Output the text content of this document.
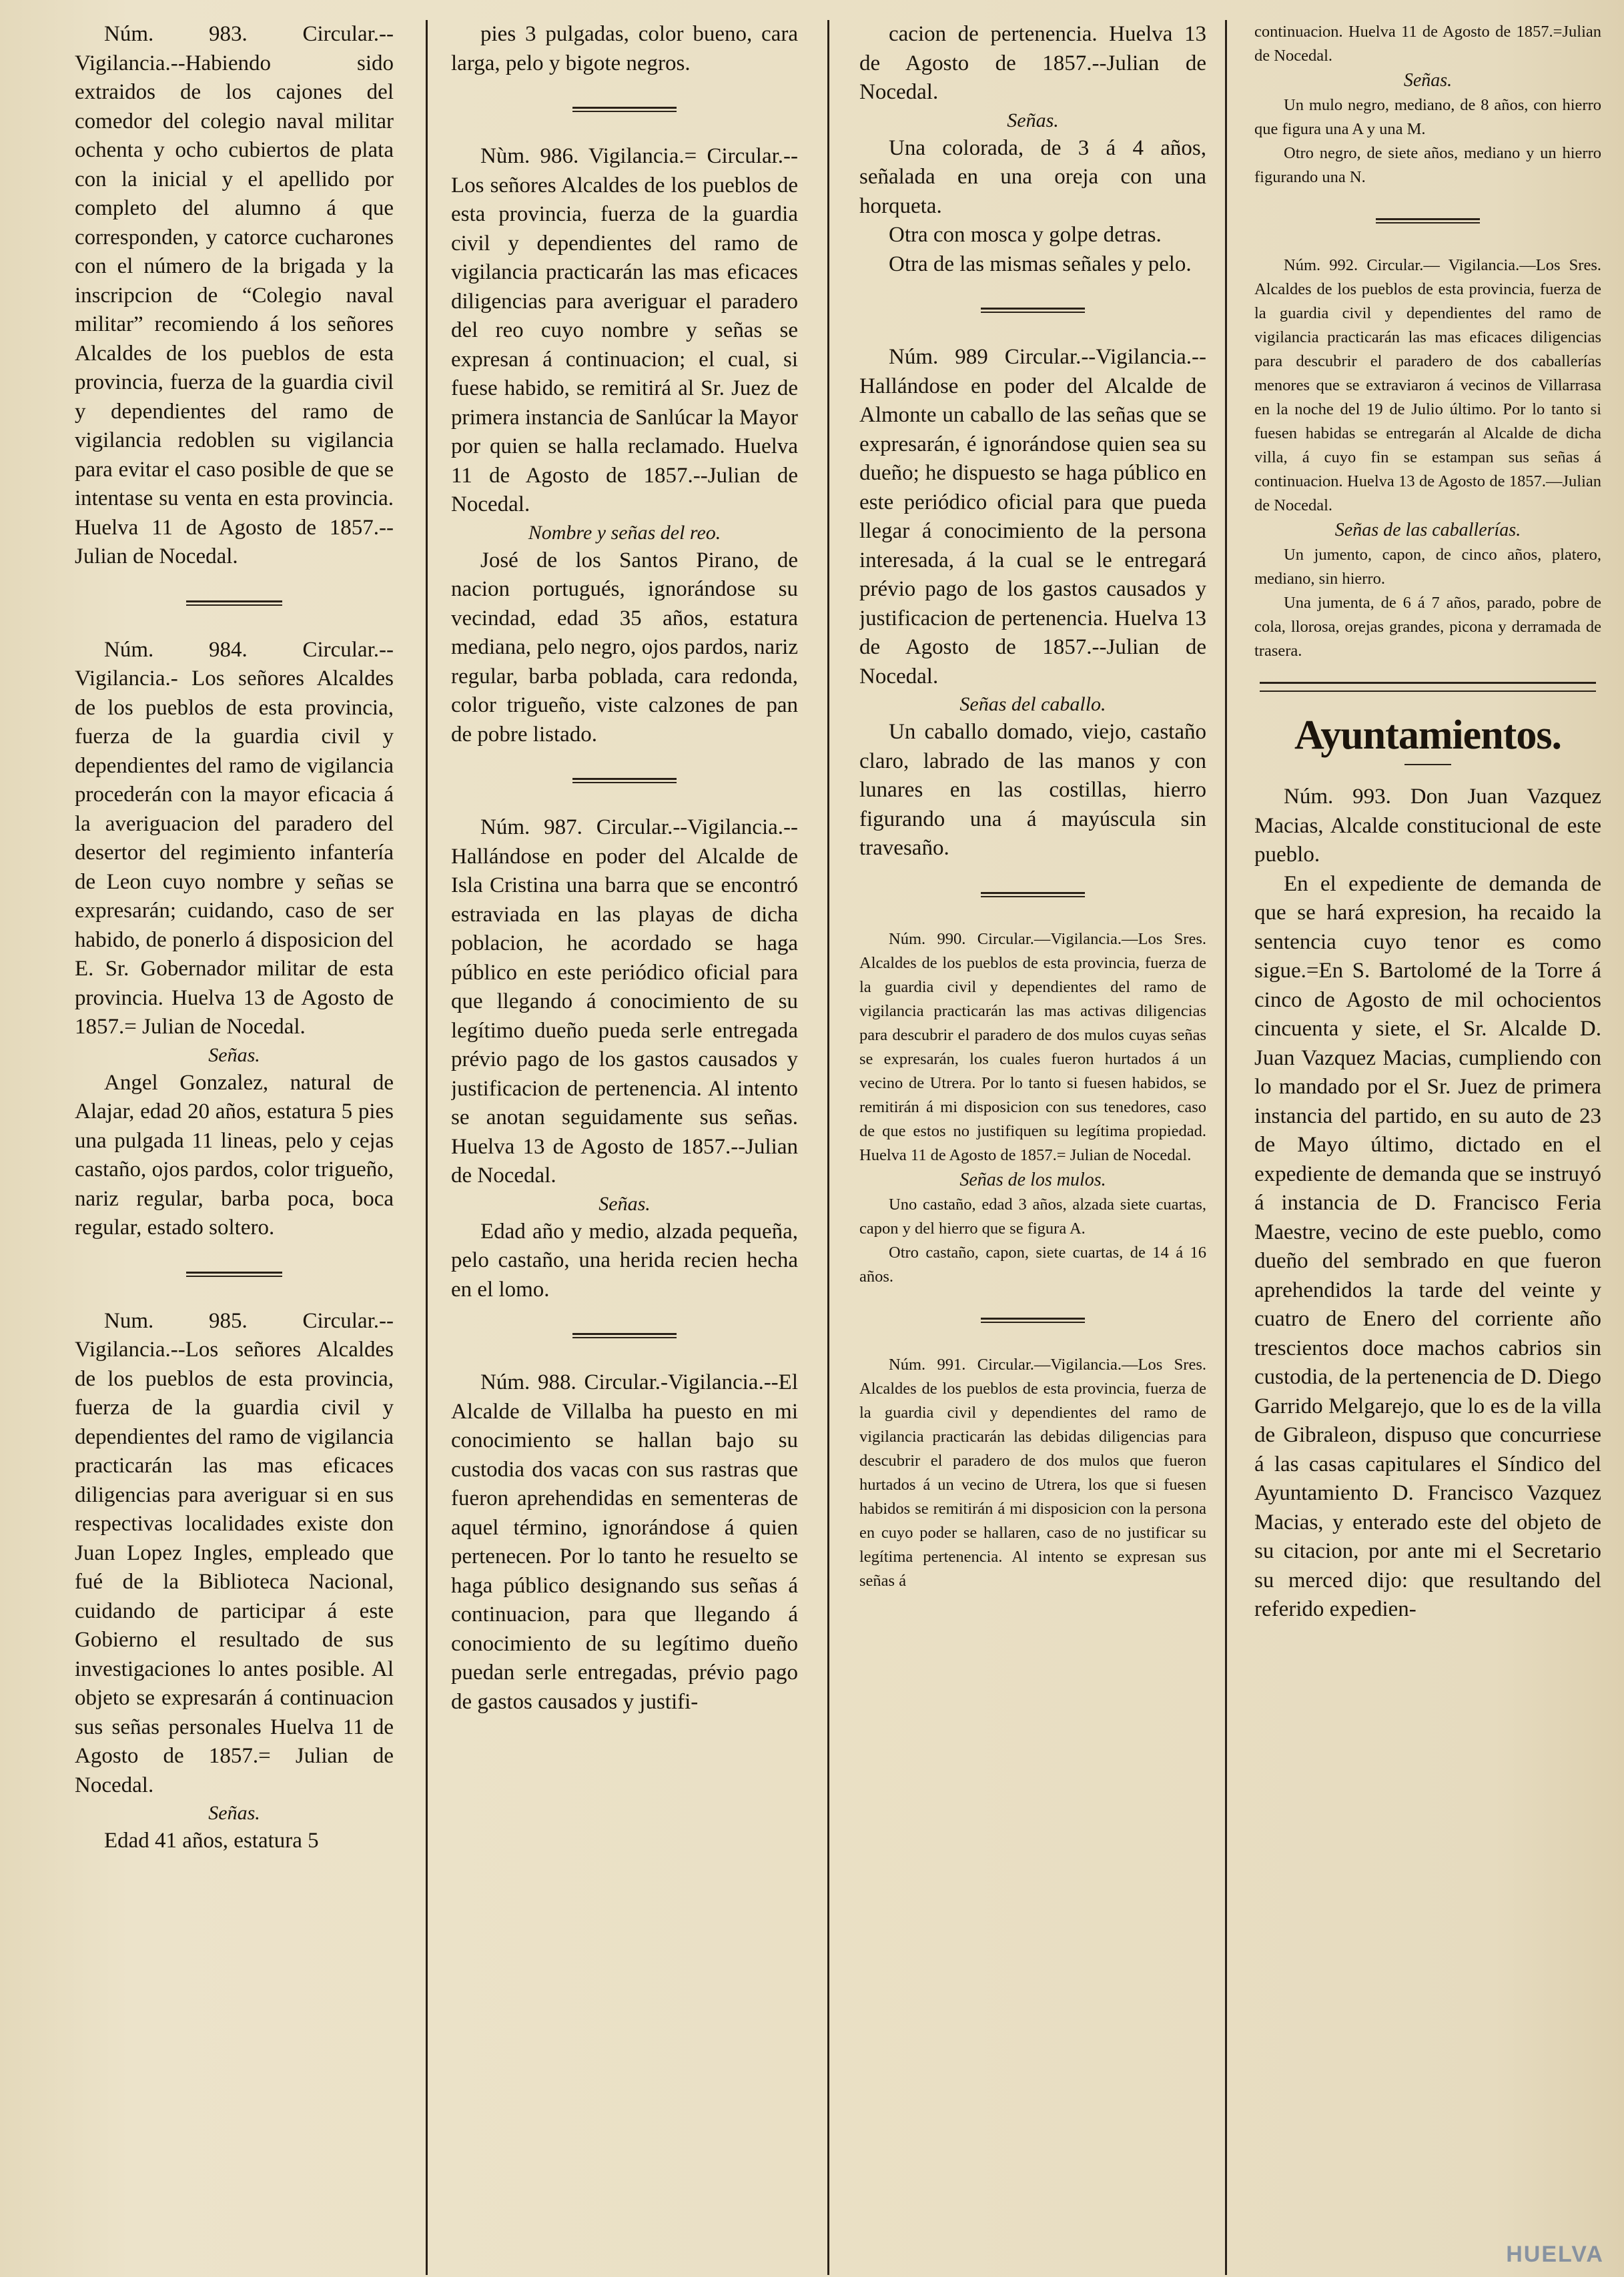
Núm. 983. Circular.--Vigilancia.--Habiendo sido extraidos de los cajones del comedor del colegio naval militar ochenta y ocho cubiertos de plata con la inicial y el apellido por completo del alumno á que corresponden, y catorce cucharones con el número de la brigada y la inscripcion de “Colegio naval militar” recomiendo á los señores Alcaldes de los pueblos de esta provincia, fuerza de la guardia civil y dependientes del ramo de vigilancia redoblen su vigilancia para evitar el caso posible de que se intentase su venta en esta provincia. Huelva 11 de Agosto de 1857.--Julian de Nocedal.

Núm. 984. Circular.--Vigilancia.- Los señores Alcaldes de los pueblos de esta provincia, fuerza de la guardia civil y dependientes del ramo de vigilancia procederán con la mayor eficacia á la averiguacion del paradero del desertor del regimiento infantería de Leon cuyo nombre y señas se expresarán; cuidando, caso de ser habido, de ponerlo á disposicion del E. Sr. Gobernador militar de esta provincia. Huelva 13 de Agosto de 1857.= Julian de Nocedal.

Señas.

Angel Gonzalez, natural de Alajar, edad 20 años, estatura 5 pies una pulgada 11 lineas, pelo y cejas castaño, ojos pardos, color trigueño, nariz regular, barba poca, boca regular, estado soltero.

Num. 985. Circular.--Vigilancia.--Los señores Alcaldes de los pueblos de esta provincia, fuerza de la guardia civil y dependientes del ramo de vigilancia practicarán las mas eficaces diligencias para averiguar si en sus respectivas localidades existe don Juan Lopez Ingles, empleado que fué de la Biblioteca Nacional, cuidando de participar á este Gobierno el resultado de sus investigaciones lo antes posible. Al objeto se expresarán á continuacion sus señas personales Huelva 11 de Agosto de 1857.= Julian de Nocedal.

Señas.

Edad 41 años, estatura 5

pies 3 pulgadas, color bueno, cara larga, pelo y bigote negros.

Nùm. 986. Vigilancia.= Circular.--Los señores Alcaldes de los pueblos de esta provincia, fuerza de la guardia civil y dependientes del ramo de vigilancia practicarán las mas eficaces diligencias para averiguar el paradero del reo cuyo nombre y señas se expresan á continuacion; el cual, si fuese habido, se remitirá al Sr. Juez de primera instancia de Sanlúcar la Mayor por quien se halla reclamado. Huelva 11 de Agosto de 1857.--Julian de Nocedal.

Nombre y señas del reo.

José de los Santos Pirano, de nacion portugués, ignorándose su vecindad, edad 35 años, estatura mediana, pelo negro, ojos pardos, nariz regular, barba poblada, cara redonda, color trigueño, viste calzones de pan de pobre listado.

Núm. 987. Circular.--Vigilancia.--Hallándose en poder del Alcalde de Isla Cristina una barra que se encontró estraviada en las playas de dicha poblacion, he acordado se haga público en este periódico oficial para que llegando á conocimiento de su legítimo dueño pueda serle entregada prévio pago de los gastos causados y justificacion de pertenencia. Al intento se anotan seguidamente sus señas. Huelva 13 de Agosto de 1857.--Julian de Nocedal.

Señas.

Edad año y medio, alzada pequeña, pelo castaño, una herida recien hecha en el lomo.

Núm. 988. Circular.-Vigilancia.--El Alcalde de Villalba ha puesto en mi conocimiento se hallan bajo su custodia dos vacas con sus rastras que fueron aprehendidas en sementeras de aquel término, ignorándose á quien pertenecen. Por lo tanto he resuelto se haga público designando sus señas á continuacion, para que llegando á conocimiento de su legítimo dueño puedan serle entregadas, prévio pago de gastos causados y justifi-

cacion de pertenencia. Huelva 13 de Agosto de 1857.--Julian de Nocedal.

Señas.

Una colorada, de 3 á 4 años, señalada en una oreja con una horqueta.

Otra con mosca y golpe detras.

Otra de las mismas señales y pelo.

Núm. 989 Circular.--Vigilancia.--Hallándose en poder del Alcalde de Almonte un caballo de las señas que se expresarán, é ignorándose quien sea su dueño; he dispuesto se haga público en este periódico oficial para que pueda llegar á conocimiento de la persona interesada, á la cual se le entregará prévio pago de los gastos causados y justificacion de pertenencia. Huelva 13 de Agosto de 1857.--Julian de Nocedal.

Señas del caballo.

Un caballo domado, viejo, castaño claro, labrado de las manos y con lunares en las costillas, hierro figurando una á mayúscula sin travesaño.

Núm. 990. Circular.—Vigilancia.—Los Sres. Alcaldes de los pueblos de esta provincia, fuerza de la guardia civil y dependientes del ramo de vigilancia practicarán las mas activas diligencias para descubrir el paradero de dos mulos cuyas señas se expresarán, los cuales fueron hurtados á un vecino de Utrera. Por lo tanto si fuesen habidos, se remitirán á mi disposicion con sus tenedores, caso de que estos no justifiquen su legítima propiedad. Huelva 11 de Agosto de 1857.= Julian de Nocedal.

Señas de los mulos.

Uno castaño, edad 3 años, alzada siete cuartas, capon y del hierro que se figura A.

Otro castaño, capon, siete cuartas, de 14 á 16 años.

Núm. 991. Circular.—Vigilancia.—Los Sres. Alcaldes de los pueblos de esta provincia, fuerza de la guardia civil y dependientes del ramo de vigilancia practicarán las debidas diligencias para descubrir el paradero de dos mulos que fueron hurtados á un vecino de Utrera, los que si fuesen habidos se remitirán á mi disposicion con la persona en cuyo poder se hallaren, caso de no justificar su legítima pertenencia. Al intento se expresan sus señas á

continuacion. Huelva 11 de Agosto de 1857.=Julian de Nocedal.

Señas.

Un mulo negro, mediano, de 8 años, con hierro que figura una A y una M.

Otro negro, de siete años, mediano y un hierro figurando una N.

Núm. 992. Circular.— Vigilancia.—Los Sres. Alcaldes de los pueblos de esta provincia, fuerza de la guardia civil y dependientes del ramo de vigilancia practicarán las mas eficaces diligencias para descubrir el paradero de dos caballerías menores que se extraviaron á vecinos de Villarrasa en la noche del 19 de Julio último. Por lo tanto si fuesen habidas se entregarán al Alcalde de dicha villa, á cuyo fin se estampan sus señas á continuacion. Huelva 13 de Agosto de 1857.—Julian de Nocedal.

Señas de las caballerías.

Un jumento, capon, de cinco años, platero, mediano, sin hierro.

Una jumenta, de 6 á 7 años, parado, pobre de cola, llorosa, orejas grandes, picona y derramada de trasera.

Ayuntamientos.

Núm. 993. Don Juan Vazquez Macias, Alcalde constitucional de este pueblo.

En el expediente de demanda de que se hará expresion, ha recaido la sentencia cuyo tenor es como sigue.=En S. Bartolomé de la Torre á cinco de Agosto de mil ochocientos cincuenta y siete, el Sr. Alcalde D. Juan Vazquez Macias, cumpliendo con lo mandado por el Sr. Juez de primera instancia del partido, en su auto de 23 de Mayo último, dictado en el expediente de demanda que se instruyó á instancia de D. Francisco Feria Maestre, vecino de este pueblo, como dueño del sembrado en que fueron aprehendidos la tarde del veinte y cuatro de Enero del corriente año trescientos doce machos cabrios sin custodia, de la pertenencia de D. Diego Garrido Melgarejo, que lo es de la villa de Gibraleon, dispuso que concurriese á las casas capitulares el Síndico del Ayuntamiento D. Francisco Vazquez Macias, y enterado este del objeto de su citacion, por ante mi el Secretario su merced dijo: que resultando del referido expedien-

HUELVA
